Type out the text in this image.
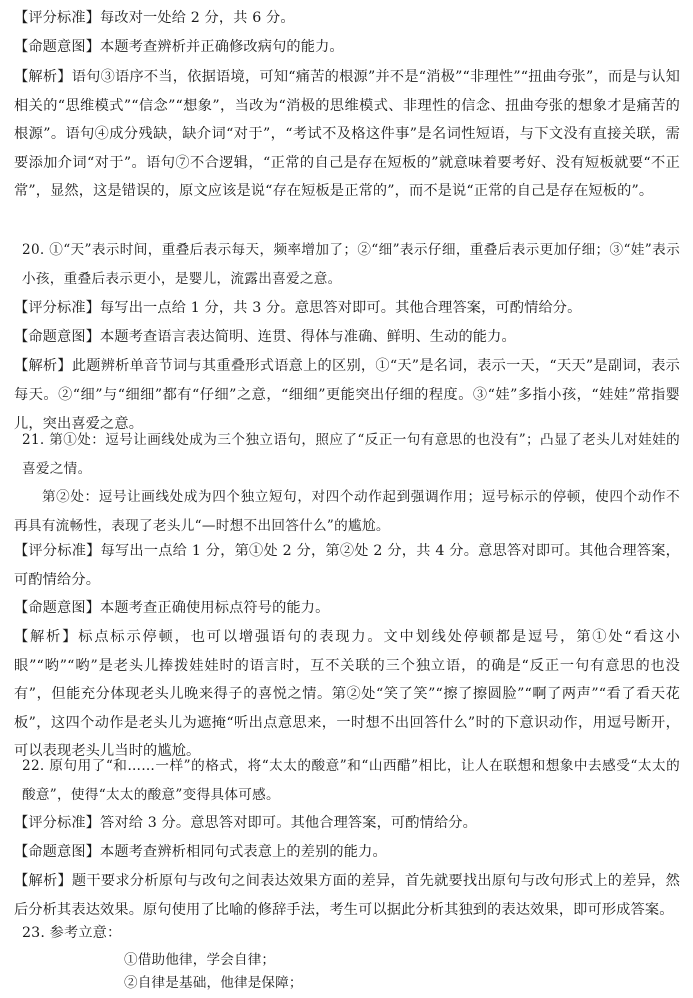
【评分标准】每改对一处给 2 分，共 6 分。
【命题意图】本题考查辨析并正确修改病句的能力。
【解析】语句③语序不当，依据语境，可知“痛苦的根源”并不是“消极”“非理性”“扭曲夸张”，而是与认知相关的“思维模式”“信念”“想象”，当改为“消极的思维模式、非理性的信念、扭曲夸张的想象才是痛苦的根源”。语句④成分残缺，缺介词“对于”，“考试不及格这件事”是名词性短语，与下文没有直接关联，需要添加介词“对于”。语句⑦不合逻辑，“正常的自己是存在短板的”就意味着要考好、没有短板就要“不正常”，显然，这是错误的，原文应该是说“存在短板是正常的”，而不是说“正常的自己是存在短板的”。
20. ①“天”表示时间，重叠后表示每天，频率增加了；②“细”表示仔细，重叠后表示更加仔细；③“娃”表示小孩，重叠后表示更小，是婴儿，流露出喜爱之意。
【评分标准】每写出一点给 1 分，共 3 分。意思答对即可。其他合理答案，可酌情给分。
【命题意图】本题考查语言表达简明、连贯、得体与准确、鲜明、生动的能力。
【解析】此题辨析单音节词与其重叠形式语意上的区别，①“天”是名词，表示一天，“天天”是副词，表示每天。②“细”与“细细”都有“仔细”之意，“细细”更能突出仔细的程度。③“娃”多指小孩，“娃娃”常指婴儿，突出喜爱之意。
21. 第①处：逗号让画线处成为三个独立语句，照应了“反正一句有意思的也没有”；凸显了老头儿对娃娃的喜爱之情。
第②处：逗号让画线处成为四个独立短句，对四个动作起到强调作用；逗号标示的停顿，使四个动作不再具有流畅性，表现了老头儿“—时想不出回答什么”的尴尬。
【评分标准】每写出一点给 1 分，第①处 2 分，第②处 2 分，共 4 分。意思答对即可。其他合理答案，可酌情给分。
【命题意图】本题考查正确使用标点符号的能力。
【解析】标点标示停顿，也可以增强语句的表现力。文中划线处停顿都是逗号，第①处“看这小眼”“哟”“哟”是老头儿捧拨娃娃时的语言时，互不关联的三个独立语，的确是“反正一句有意思的也没有”，但能充分体现老头儿晚来得子的喜悦之情。第②处“笑了笑”“擦了擦圆脸”“啊了两声”“看了看天花板”，这四个动作是老头儿为遮掩“听出点意思来，一时想不出回答什么”时的下意识动作，用逗号断开，可以表现老头儿当时的尴尬。
22. 原句用了“和……一样”的格式，将“太太的酸意”和“山西醋”相比，让人在联想和想象中去感受“太太的酸意”，使得“太太的酸意”变得具体可感。
【评分标准】答对给 3 分。意思答对即可。其他合理答案，可酌情给分。
【命题意图】本题考查辨析相同句式表意上的差别的能力。
【解析】题干要求分析原句与改句之间表达效果方面的差异，首先就要找出原句与改句形式上的差异，然后分析其表达效果。原句使用了比喻的修辞手法，考生可以据此分析其独到的表达效果，即可形成答案。
23. 参考立意：
①借助他律，学会自律；
②自律是基础，他律是保障；
